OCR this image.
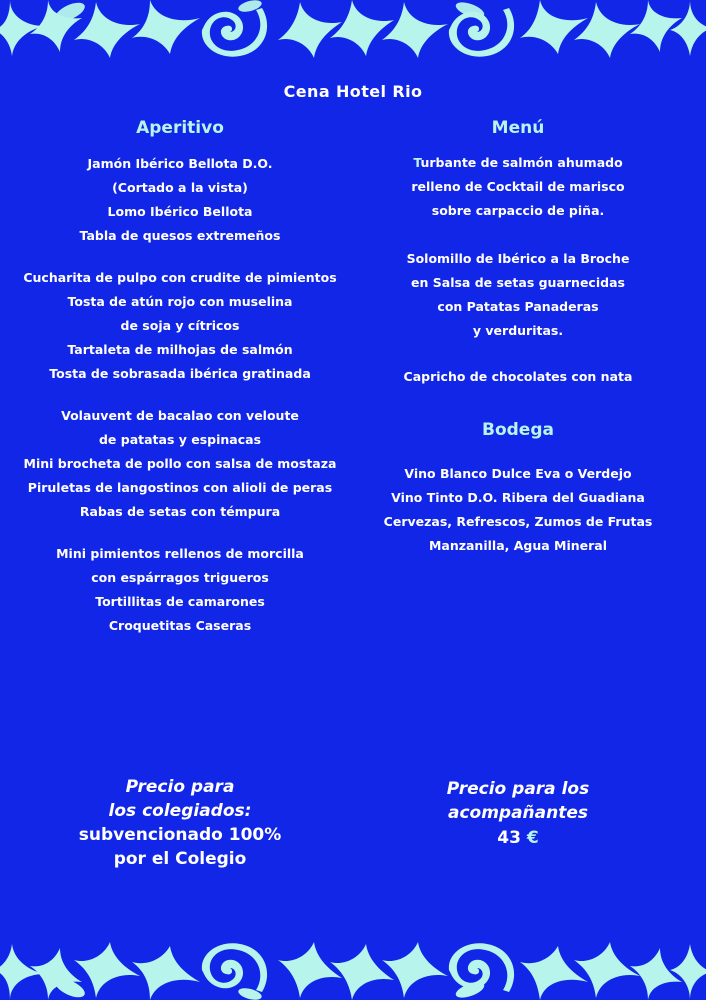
Cena Hotel Rio
Aperitivo
Jamón Ibérico Bellota D.O.
(Cortado a la vista)
Lomo Ibérico Bellota
Tabla de quesos extremeños
Cucharita de pulpo con crudite de pimientos
Tosta de atún rojo con muselina
de soja y cítricos
Tartaleta de milhojas de salmón
Tosta de sobrasada ibérica gratinada
Volauvent de bacalao con veloute
de patatas y espinacas
Mini brocheta de pollo con salsa de mostaza
Piruletas de langostinos con alioli de peras
Rabas de setas con témpura
Mini pimientos rellenos de morcilla
con espárragos trigueros
Tortillitas de camarones
Croquetitas Caseras
Menú
Turbante de salmón ahumado
relleno de Cocktail de marisco
sobre carpaccio de piña.
Solomillo de Ibérico a la Broche
en Salsa de setas guarnecidas
con Patatas Panaderas
y verduritas.
Capricho de chocolates con nata
Bodega
Vino Blanco Dulce Eva o Verdejo
Vino Tinto D.O. Ribera del Guadiana
Cervezas, Refrescos, Zumos de Frutas
Manzanilla, Agua Mineral
Precio para
los colegiados:
subvencionado 100%
por el Colegio
Precio para los
acompañantes
43 €
